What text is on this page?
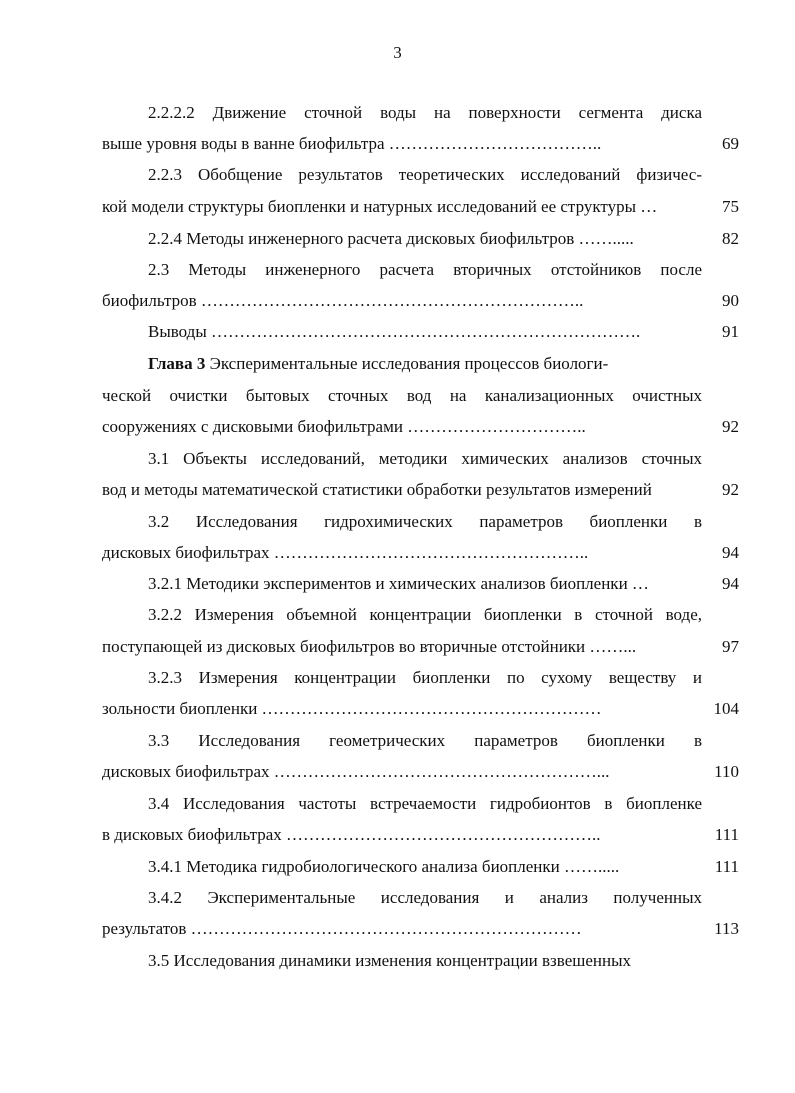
3
2.2.2.2 Движение сточной воды на поверхности сегмента диска
выше уровня воды в ванне биофильтра ………………………………..	69
2.2.3 Обобщение результатов теоретических исследований физичес-
кой модели структуры биопленки и натурных исследований ее структуры …	75
2.2.4 Методы инженерного расчета дисковых биофильтров …….....	82
2.3 Методы инженерного расчета вторичных отстойников после
биофильтров …………………………………………………………..	90
Выводы ………………………………………………………………….	91
Глава 3 Экспериментальные исследования процессов биологи-
ческой очистки бытовых сточных вод на канализационных очистных
сооружениях с дисковыми биофильтрами …………………………..	92
3.1 Объекты исследований, методики химических анализов сточных
вод и методы математической статистики обработки результатов измерений	92
3.2 Исследования гидрохимических параметров биопленки в
дисковых биофильтрах ………………………………………………..	94
3.2.1 Методики экспериментов и химических анализов биопленки …	94
3.2.2 Измерения объемной концентрации биопленки в сточной воде,
поступающей из дисковых биофильтров во вторичные отстойники ……...	97
3.2.3 Измерения концентрации биопленки по сухому веществу и
зольности биопленки ……………………………………………………	104
3.3 Исследования геометрических параметров биопленки в
дисковых биофильтрах …………………………………………………...	110
3.4 Исследования частоты встречаемости гидробионтов в биопленке
в дисковых биофильтрах ………………………………………………..	111
3.4.1 Методика гидробиологического анализа биопленки …….....	111
3.4.2 Экспериментальные исследования и анализ полученных
результатов ……………………………………………………………	113
3.5 Исследования динамики изменения концентрации взвешенных
